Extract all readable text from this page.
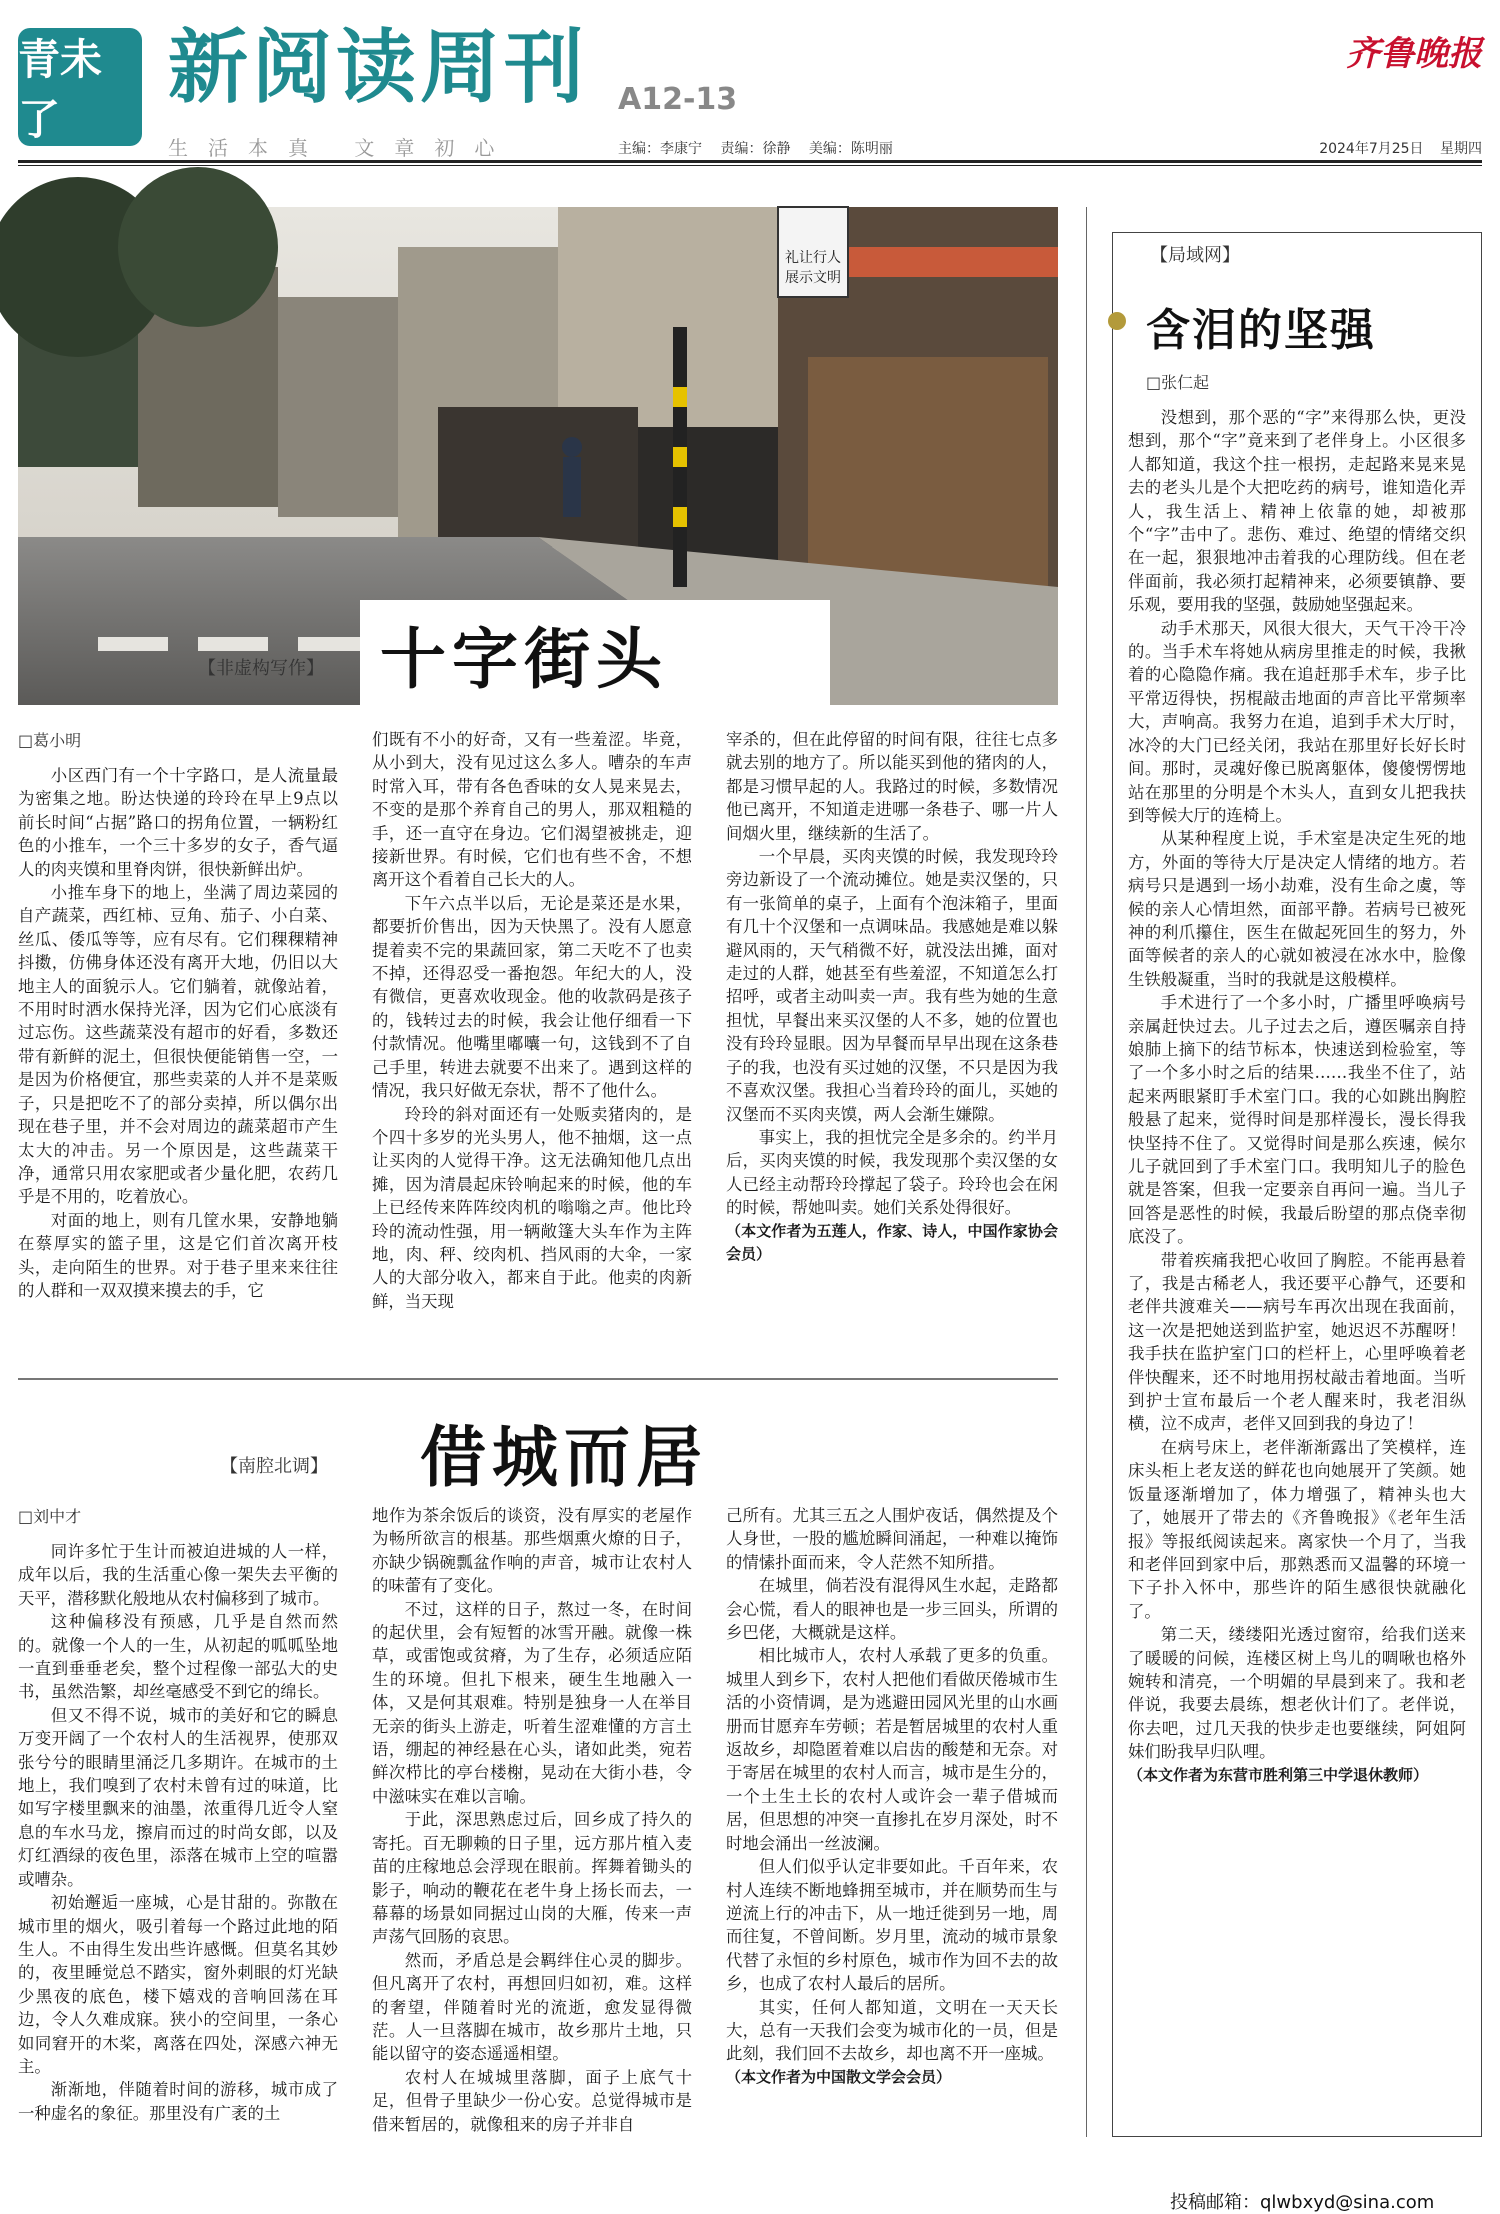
青未了
新阅读周刊 A12-13
生活本真 文章初心	主编：李康宁 责编：徐静 美编：陈明丽
齐鲁晚报
2024年7月25日 星期四
礼让行人
展示文明
【非虚构写作】 十字街头
□葛小明

小区西门有一个十字路口，是人流量最为密集之地。盼达快递的玲玲在早上9点以前长时间“占据”路口的拐角位置，一辆粉红色的小推车，一个三十多岁的女子，香气逼人的肉夹馍和里脊肉饼，很快新鲜出炉。

小推车身下的地上，坐满了周边菜园的自产蔬菜，西红柿、豆角、茄子、小白菜、丝瓜、倭瓜等等，应有尽有。它们稞稞精神抖擞，仿佛身体还没有离开大地，仍旧以大地主人的面貌示人。它们躺着，就像站着，不用时时洒水保持光泽，因为它们心底淡有过忘伤。这些蔬菜没有超市的好看，多数还带有新鲜的泥土，但很快便能销售一空，一是因为价格便宜，那些卖菜的人并不是菜贩子，只是把吃不了的部分卖掉，所以偶尔出现在巷子里，并不会对周边的蔬菜超市产生太大的冲击。另一个原因是，这些蔬菜干净，通常只用农家肥或者少量化肥，农药几乎是不用的，吃着放心。

对面的地上，则有几筐水果，安静地躺在蔡厚实的篮子里，这是它们首次离开枝头，走向陌生的世界。对于巷子里来来往往的人群和一双双摸来摸去的手，它

们既有不小的好奇，又有一些羞涩。毕竟，从小到大，没有见过这么多人。嘈杂的车声时常入耳，带有各色香味的女人晃来晃去，不变的是那个养育自己的男人，那双粗糙的手，还一直守在身边。它们渴望被挑走，迎接新世界。有时候，它们也有些不舍，不想离开这个看着自己长大的人。

下午六点半以后，无论是菜还是水果，都要折价售出，因为天快黑了。没有人愿意提着卖不完的果蔬回家，第二天吃不了也卖不掉，还得忍受一番抱怨。年纪大的人，没有微信，更喜欢收现金。他的收款码是孩子的，钱转过去的时候，我会让他仔细看一下付款情况。他嘴里嘟囔一句，这钱到不了自己手里，转进去就要不出来了。遇到这样的情况，我只好做无奈状，帮不了他什么。

玲玲的斜对面还有一处贩卖猪肉的，是个四十多岁的光头男人，他不抽烟，这一点让买肉的人觉得干净。这无法确知他几点出摊，因为清晨起床铃响起来的时候，他的车上已经传来阵阵绞肉机的嗡嗡之声。他比玲玲的流动性强，用一辆敞篷大头车作为主阵地，肉、秤、绞肉机、挡风雨的大伞，一家人的大部分收入，都来自于此。他卖的肉新鲜，当天现

宰杀的，但在此停留的时间有限，往往七点多就去别的地方了。所以能买到他的猪肉的人，都是习惯早起的人。我路过的时候，多数情况他已离开，不知道走进哪一条巷子、哪一片人间烟火里，继续新的生活了。

一个早晨，买肉夹馍的时候，我发现玲玲旁边新设了一个流动摊位。她是卖汉堡的，只有一张简单的桌子，上面有个泡沫箱子，里面有几十个汉堡和一点调味品。我感她是难以躲避风雨的，天气稍微不好，就没法出摊，面对走过的人群，她甚至有些羞涩，不知道怎么打招呼，或者主动叫卖一声。我有些为她的生意担忧，早餐出来买汉堡的人不多，她的位置也没有玲玲显眼。因为早餐而早早出现在这条巷子的我，也没有买过她的汉堡，不只是因为我不喜欢汉堡。我担心当着玲玲的面儿，买她的汉堡而不买肉夹馍，两人会渐生嫌隙。

事实上，我的担忧完全是多余的。约半月后，买肉夹馍的时候，我发现那个卖汉堡的女人已经主动帮玲玲撑起了袋子。玲玲也会在闲的时候，帮她叫卖。她们关系处得很好。

（本文作者为五莲人，作家、诗人，中国作家协会会员）

【南腔北调】 借城而居
□刘中才

同许多忙于生计而被迫进城的人一样，成年以后，我的生活重心像一架失去平衡的天平，潜移默化般地从农村偏移到了城市。

这种偏移没有预感，几乎是自然而然的。就像一个人的一生，从初起的呱呱坠地一直到垂垂老矣，整个过程像一部弘大的史书，虽然浩繁，却丝毫感受不到它的绵长。

但又不得不说，城市的美好和它的瞬息万变开阔了一个农村人的生活视界，使那双张兮兮的眼睛里涌泛几多期许。在城市的土地上，我们嗅到了农村未曾有过的味道，比如写字楼里飘来的油墨，浓重得几近令人窒息的车水马龙，擦肩而过的时尚女郎，以及灯红酒绿的夜色里，添落在城市上空的喧嚣或嘈杂。

初始邂逅一座城，心是甘甜的。弥散在城市里的烟火，吸引着每一个路过此地的陌生人。不由得生发出些许感慨。但莫名其妙的，夜里睡觉总不踏实，窗外刺眼的灯光缺少黑夜的底色，楼下嬉戏的音响回荡在耳边，令人久难成寐。狭小的空间里，一条心如同窘开的木桨，离落在四处，深感六神无主。

渐渐地，伴随着时间的游移，城市成了一种虚名的象征。那里没有广袤的土

地作为茶余饭后的谈资，没有厚实的老屋作为畅所欲言的根基。那些烟熏火燎的日子，亦缺少锅碗瓢盆作响的声音，城市让农村人的味蕾有了变化。

不过，这样的日子，熬过一冬，在时间的起伏里，会有短暂的冰雪开融。就像一株草，或雷饱或贫瘠，为了生存，必须适应陌生的环境。但扎下根来，硬生生地融入一体，又是何其艰难。特别是独身一人在举目无亲的街头上游走，听着生涩难懂的方言土语，绷起的神经悬在心头，诸如此类，宛若鲜次栉比的亭台楼榭，晃动在大街小巷，令中滋味实在难以言喻。

于此，深思熟虑过后，回乡成了持久的寄托。百无聊赖的日子里，远方那片植入麦苗的庄稼地总会浮现在眼前。挥舞着锄头的影子，响动的鞭花在老牛身上扬长而去，一幕幕的场景如同据过山岗的大雁，传来一声声荡气回肠的哀思。

然而，矛盾总是会羁绊住心灵的脚步。但凡离开了农村，再想回归如初，难。这样的奢望，伴随着时光的流逝，愈发显得微茫。人一旦落脚在城市，故乡那片土地，只能以留守的姿态遥遥相望。

农村人在城城里落脚，面子上底气十足，但骨子里缺少一份心安。总觉得城市是借来暂居的，就像租来的房子并非自

己所有。尤其三五之人围炉夜话，偶然提及个人身世，一股的尴尬瞬间涌起，一种难以掩饰的情愫扑面而来，令人茫然不知所措。

在城里，倘若没有混得风生水起，走路都会心慌，看人的眼神也是一步三回头，所谓的乡巴佬，大概就是这样。

相比城市人，农村人承载了更多的负重。城里人到乡下，农村人把他们看做厌倦城市生活的小资情调，是为逃避田园风光里的山水画册而甘愿弃车劳顿；若是暂居城里的农村人重返故乡，却隐匿着难以启齿的酸楚和无奈。对于寄居在城里的农村人而言，城市是生分的，一个土生土长的农村人或许会一辈子借城而居，但思想的冲突一直掺扎在岁月深处，时不时地会涌出一丝波澜。

但人们似乎认定非要如此。千百年来，农村人连续不断地蜂拥至城市，并在顺势而生与逆流上行的冲击下，从一地迁徙到另一地，周而往复，不曾间断。岁月里，流动的城市景象代替了永恒的乡村原色，城市作为回不去的故乡，也成了农村人最后的居所。

其实，任何人都知道，文明在一天天长大，总有一天我们会变为城市化的一员，但是此刻，我们回不去故乡，却也离不开一座城。

（本文作者为中国散文学会会员）

【局域网】
含泪的坚强
□张仁起

没想到，那个恶的“字”来得那么快，更没想到，那个“字”竟来到了老伴身上。小区很多人都知道，我这个拄一根拐，走起路来晃来晃去的老头儿是个大把吃药的病号，谁知造化弄人，我生活上、精神上依靠的她，却被那个“字”击中了。悲伤、难过、绝望的情绪交织在一起，狠狠地冲击着我的心理防线。但在老伴面前，我必须打起精神来，必须要镇静、要乐观，要用我的坚强，鼓励她坚强起来。

动手术那天，风很大很大，天气干冷干冷的。当手术车将她从病房里推走的时候，我揪着的心隐隐作痛。我在追赶那手术车，步子比平常迈得快，拐棍敲击地面的声音比平常频率大，声响高。我努力在追，追到手术大厅时，冰冷的大门已经关闭，我站在那里好长好长时间。那时，灵魂好像已脱离躯体，傻傻愣愣地站在那里的分明是个木头人，直到女儿把我扶到等候大厅的连椅上。

从某种程度上说，手术室是决定生死的地方，外面的等待大厅是决定人情绪的地方。若病号只是遇到一场小劫难，没有生命之虞，等候的亲人心情坦然，面部平静。若病号已被死神的利爪攥住，医生在做起死回生的努力，外面等候者的亲人的心就如被浸在冰水中，脸像生铁般凝重，当时的我就是这般模样。

手术进行了一个多小时，广播里呼唤病号亲属赶快过去。儿子过去之后，遵医嘱亲自持娘肺上摘下的结节标本，快速送到检验室，等了一个多小时之后的结果……我坐不住了，站起来两眼紧盯手术室门口。我的心如跳出胸腔般悬了起来，觉得时间是那样漫长，漫长得我快坚持不住了。又觉得时间是那么疾速，候尔儿子就回到了手术室门口。我明知儿子的脸色就是答案，但我一定要亲自再问一遍。当儿子回答是恶性的时候，我最后盼望的那点侥幸彻底没了。

带着疾痛我把心收回了胸腔。不能再悬着了，我是古稀老人，我还要平心静气，还要和老伴共渡难关——病号车再次出现在我面前，这一次是把她送到监护室，她迟迟不苏醒呀！我手扶在监护室门口的栏杆上，心里呼唤着老伴快醒来，还不时地用拐杖敲击着地面。当听到护士宣布最后一个老人醒来时，我老泪纵横，泣不成声，老伴又回到我的身边了！

在病号床上，老伴渐渐露出了笑模样，连床头柜上老友送的鲜花也向她展开了笑颜。她饭量逐渐增加了，体力增强了，精神头也大了，她展开了带去的《齐鲁晚报》《老年生活报》等报纸阅读起来。离家快一个月了，当我和老伴回到家中后，那熟悉而又温馨的环境一下子扑入怀中，那些许的陌生感很快就融化了。

第二天，缕缕阳光透过窗帘，给我们送来了暖暖的问候，连楼区树上鸟儿的啁啾也格外婉转和清亮，一个明媚的早晨到来了。我和老伴说，我要去晨练，想老伙计们了。老伴说，你去吧，过几天我的快步走也要继续，阿姐阿妹们盼我早归队哩。

（本文作者为东营市胜利第三中学退休教师）

投稿邮箱：qlwbxyd@sina.com
